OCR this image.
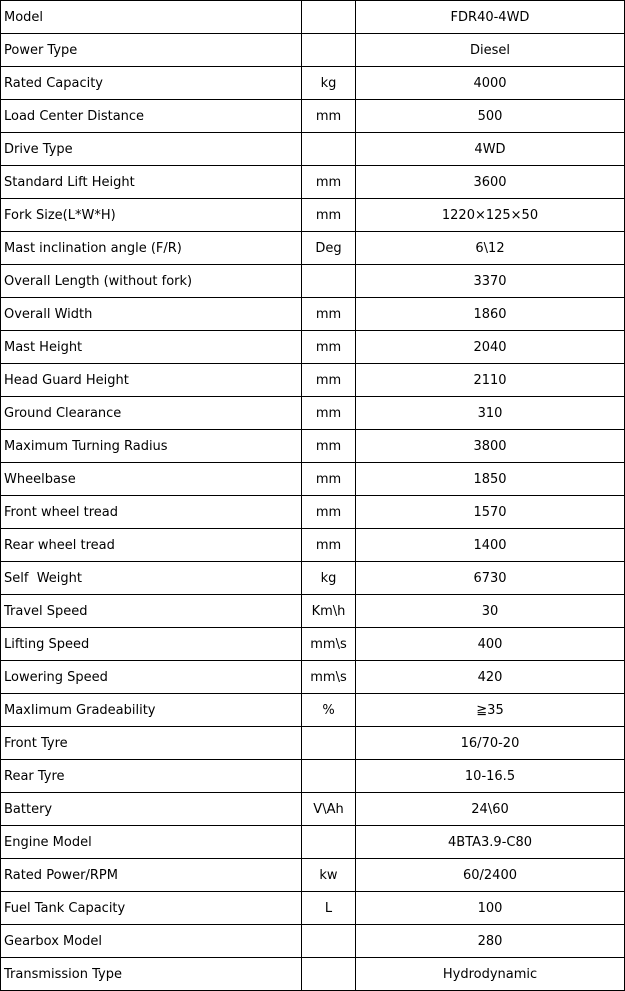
Model		FDR40-4WD
Power Type		Diesel
Rated Capacity	kg	4000
Load Center Distance	mm	500
Drive Type		4WD
Standard Lift Height	mm	3600
Fork Size(L*W*H)	mm	1220×125×50
Mast inclination angle (F/R)	Deg	6\12
Overall Length (without fork)		3370
Overall Width	mm	1860
Mast Height	mm	2040
Head Guard Height	mm	2110
Ground Clearance	mm	310
Maximum Turning Radius	mm	3800
Wheelbase	mm	1850
Front wheel tread	mm	1570
Rear wheel tread	mm	1400
Self  Weight	kg	6730
Travel Speed	Km\h	30
Lifting Speed	mm\s	400
Lowering Speed	mm\s	420
MaxIimum Gradeability	%	≧35
Front Tyre		16/70-20
Rear Tyre		10-16.5
Battery	V\Ah	24\60
Engine Model		4BTA3.9-C80
Rated Power/RPM	kw	60/2400
Fuel Tank Capacity	L	100
Gearbox Model		280
Transmission Type		Hydrodynamic
